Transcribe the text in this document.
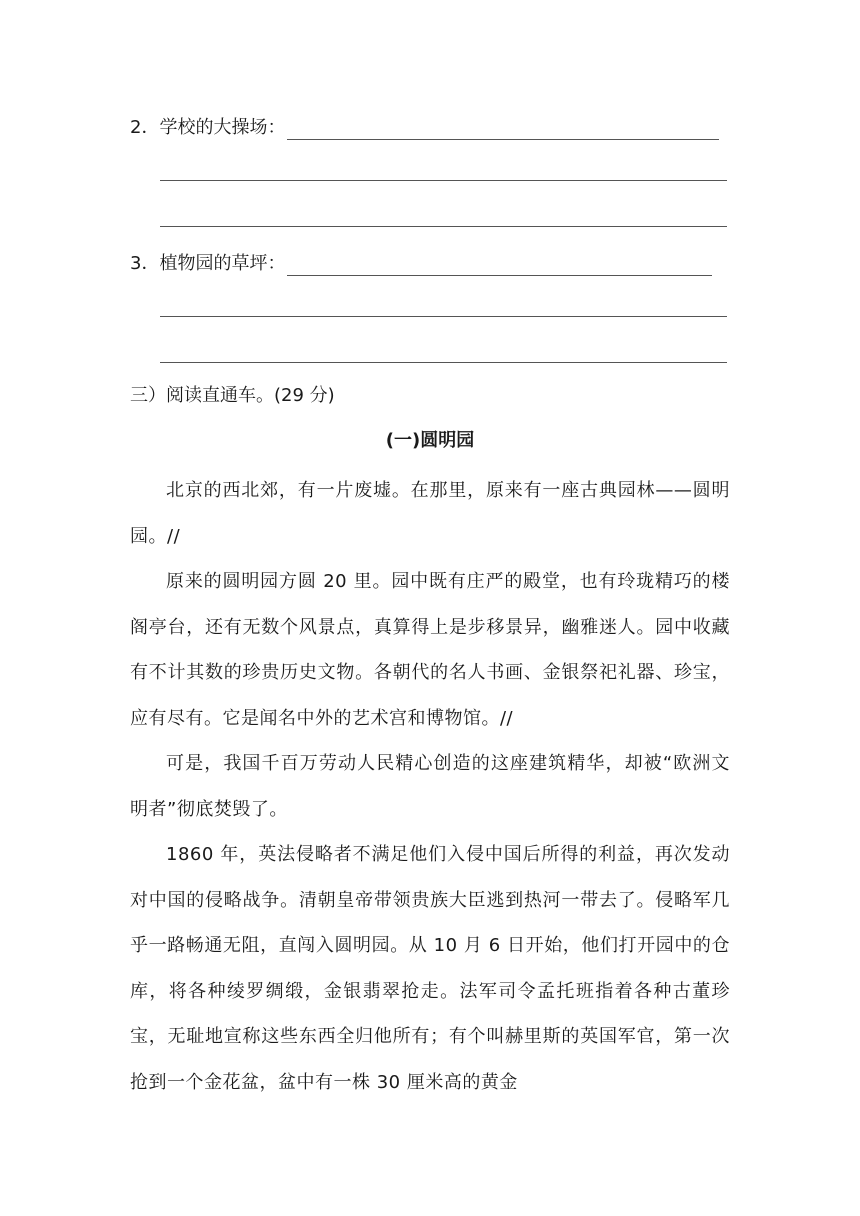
2．学校的大操场：
3．植物园的草坪：
三）阅读直通车。(29 分)
(一)圆明园

北京的西北郊，有一片废墟。在那里，原来有一座古典园林——圆明园。//

原来的圆明园方圆 20 里。园中既有庄严的殿堂，也有玲珑精巧的楼阁亭台，还有无数个风景点，真算得上是步移景异，幽雅迷人。园中收藏有不计其数的珍贵历史文物。各朝代的名人书画、金银祭祀礼器、珍宝，应有尽有。它是闻名中外的艺术宫和博物馆。//

可是，我国千百万劳动人民精心创造的这座建筑精华，却被“欧洲文明者”彻底焚毁了。

1860 年，英法侵略者不满足他们入侵中国后所得的利益，再次发动对中国的侵略战争。清朝皇帝带领贵族大臣逃到热河一带去了。侵略军几乎一路畅通无阻，直闯入圆明园。从 10 月 6 日开始，他们打开园中的仓库，将各种绫罗绸缎，金银翡翠抢走。法军司令孟托班指着各种古董珍宝，无耻地宣称这些东西全归他所有；有个叫赫里斯的英国军官，第一次抢到一个金花盆，盆中有一株 30 厘米高的黄金
